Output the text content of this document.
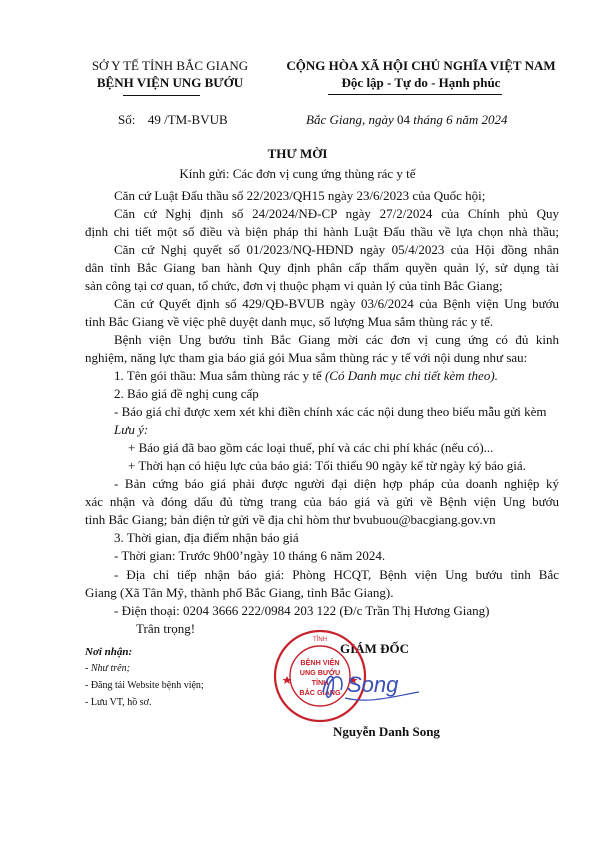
SỞ Y TẾ TỈNH BẮC GIANG
BỆNH VIỆN UNG BƯỚU
CỘNG HÒA XÃ HỘI CHỦ NGHĨA VIỆT NAM
Độc lập - Tự do - Hạnh phúc
Số: 49 /TM-BVUB	Bắc Giang, ngày 04 tháng 6 năm 2024
THƯ MỜI
Kính gửi: Các đơn vị cung ứng thùng rác y tế
Căn cứ Luật Đấu thầu số 22/2023/QH15 ngày 23/6/2023 của Quốc hội;
Căn cứ Nghị định số 24/2024/NĐ-CP ngày 27/2/2024 của Chính phủ Quy
định chi tiết một số điều và biện pháp thi hành Luật Đấu thầu về lựa chọn nhà thầu;
Căn cứ Nghị quyết số 01/2023/NQ-HĐND ngày 05/4/2023 của Hội đồng nhân
dân tỉnh Bắc Giang ban hành Quy định phân cấp thẩm quyền quản lý, sử dụng tài
sản công tại cơ quan, tổ chức, đơn vị thuộc phạm vi quản lý của tỉnh Bắc Giang;
Căn cứ Quyết định số 429/QĐ-BVUB ngày 03/6/2024 của Bệnh viện Ung bướu
tỉnh Bắc Giang về việc phê duyệt danh mục, số lượng Mua sắm thùng rác y tế.
Bệnh viện Ung bướu tỉnh Bắc Giang mời các đơn vị cung ứng có đủ kinh
nghiệm, năng lực tham gia báo giá gói Mua sắm thùng rác y tế với nội dung như sau:
1. Tên gói thầu: Mua sắm thùng rác y tế (Có Danh mục chi tiết kèm theo).
2. Báo giá đề nghị cung cấp
- Báo giá chỉ được xem xét khi điền chính xác các nội dung theo biểu mẫu gửi kèm
Lưu ý:
+ Báo giá đã bao gồm các loại thuế, phí và các chi phí khác (nếu có)...
+ Thời hạn có hiệu lực của báo giá: Tối thiểu 90 ngày kể từ ngày ký báo giá.
- Bản cứng báo giá phải được người đại diện hợp pháp của doanh nghiệp ký
xác nhận và đóng dấu đủ từng trang của báo giá và gửi về Bệnh viện Ung bướu
tỉnh Bắc Giang; bản điện tử gửi về địa chỉ hòm thư bvubuou@bacgiang.gov.vn
3. Thời gian, địa điểm nhận báo giá
- Thời gian: Trước 9h00’ngày 10 tháng 6 năm 2024.
- Địa chỉ tiếp nhận báo giá: Phòng HCQT, Bệnh viện Ung bướu tỉnh Bắc
Giang (Xã Tân Mỹ, thành phố Bắc Giang, tỉnh Bắc Giang).
- Điện thoại: 0204 3666 222/0984 203 122 (Đ/c Trần Thị Hương Giang)
Trân trọng!
Nơi nhận:
- Như trên;
- Đăng tải Website bệnh viện;
- Lưu VT, hồ sơ.
GIÁM ĐỐC
TỈNH
BỆNH VIỆN
UNG BƯỚU
TỈNH
BẮC GIANG Song
Nguyễn Danh Song
